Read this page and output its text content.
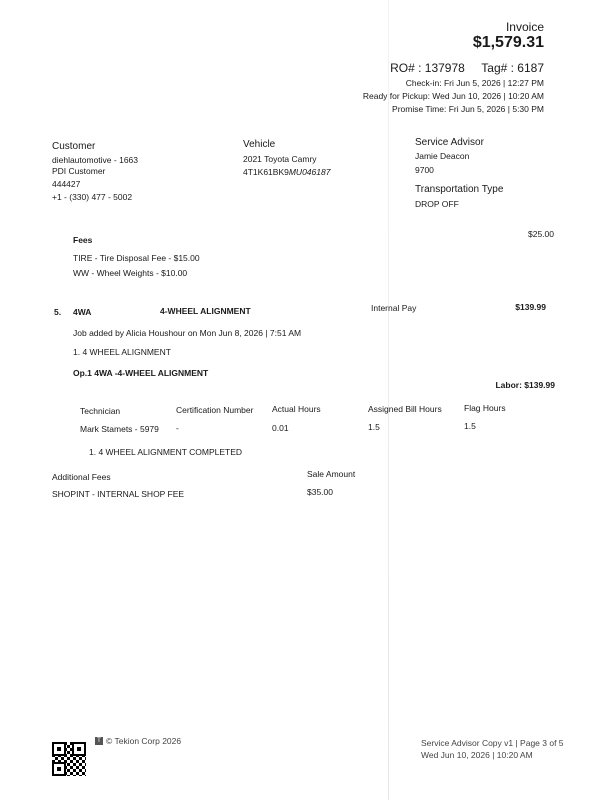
Invoice
$1,579.31
RO# : 137978 Tag# : 6187
Check-in: Fri Jun 5, 2026 | 12:27 PM
Ready for Pickup: Wed Jun 10, 2026 | 10:20 AM
Promise Time: Fri Jun 5, 2026 | 5:30 PM
Customer
diehlautomotive - 1663
PDI Customer
444427
+1 - (330) 477 - 5002
Vehicle
2021 Toyota Camry
4T1K61BK9MU046187
Service Advisor
Jamie Deacon
9700
Transportation Type
DROP OFF
Fees
$25.00
TIRE - Tire Disposal Fee - $15.00
WW - Wheel Weights - $10.00
5. 4WA	4-WHEEL ALIGNMENT	Internal Pay	$139.99
Job added by Alicia Houshour on Mon Jun 8, 2026 | 7:51 AM
1. 4 WHEEL ALIGNMENT
Op.1 4WA -4-WHEEL ALIGNMENT
Labor: $139.99
Technician	Certification Number Actual Hours	Assigned Bill Hours	Flag Hours
Mark Stamets - 5979 -	0.01	1.5	1.5
1. 4 WHEEL ALIGNMENT COMPLETED
Additional Fees	Sale Amount
SHOPINT - INTERNAL SHOP FEE	$35.00
T © Tekion Corp 2026	Service Advisor Copy v1 | Page 3 of 5
Wed Jun 10, 2026 | 10:20 AM
